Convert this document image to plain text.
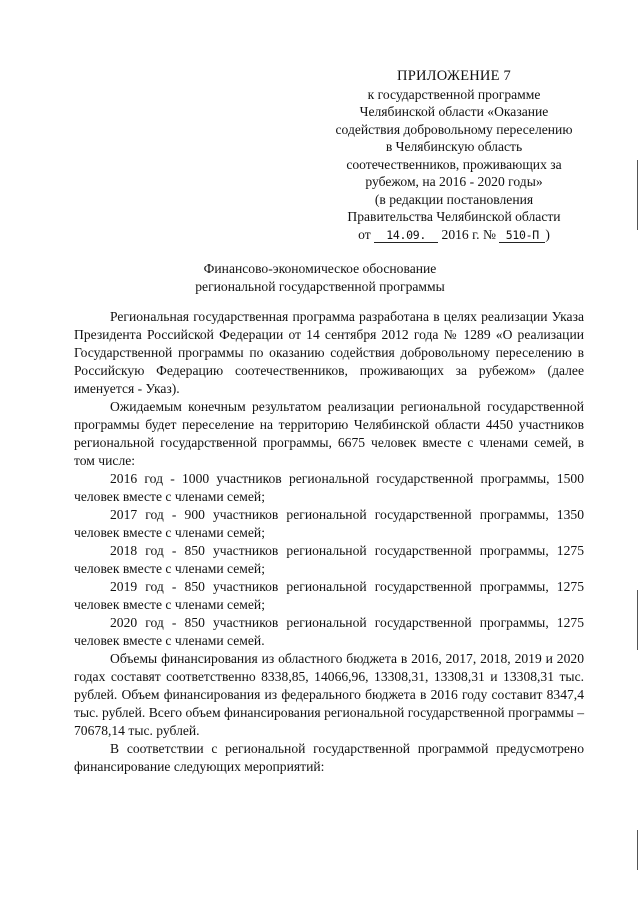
ПРИЛОЖЕНИЕ 7
к государственной программе
Челябинской области «Оказание
содействия добровольному переселению
в Челябинскую область
соотечественников, проживающих за
рубежом, на 2016 - 2020 годы»
(в редакции постановления
Правительства Челябинской области
от 14.09. 2016 г. № 510-П )
Финансово-экономическое обоснование
региональной государственной программы

Региональная государственная программа разработана в целях реализации Указа Президента Российской Федерации от 14 сентября 2012 года № 1289 «О реализации Государственной программы по оказанию содействия добровольному переселению в Российскую Федерацию соотечественников, проживающих за рубежом» (далее именуется - Указ).

Ожидаемым конечным результатом реализации региональной государственной программы будет переселение на территорию Челябинской области 4450 участников региональной государственной программы, 6675 человек вместе с членами семей, в том числе:

2016 год - 1000 участников региональной государственной программы, 1500 человек вместе с членами семей;

2017 год - 900 участников региональной государственной программы, 1350 человек вместе с членами семей;

2018 год - 850 участников региональной государственной программы, 1275 человек вместе с членами семей;

2019 год - 850 участников региональной государственной программы, 1275 человек вместе с членами семей;

2020 год - 850 участников региональной государственной программы, 1275 человек вместе с членами семей.

Объемы финансирования из областного бюджета в 2016, 2017, 2018, 2019 и 2020 годах составят соответственно 8338,85, 14066,96, 13308,31, 13308,31 и 13308,31 тыс. рублей. Объем финансирования из федерального бюджета в 2016 году составит 8347,4 тыс. рублей. Всего объем финансирования региональной государственной программы – 70678,14 тыс. рублей.

В соответствии с региональной государственной программой предусмотрено финансирование следующих мероприятий:
